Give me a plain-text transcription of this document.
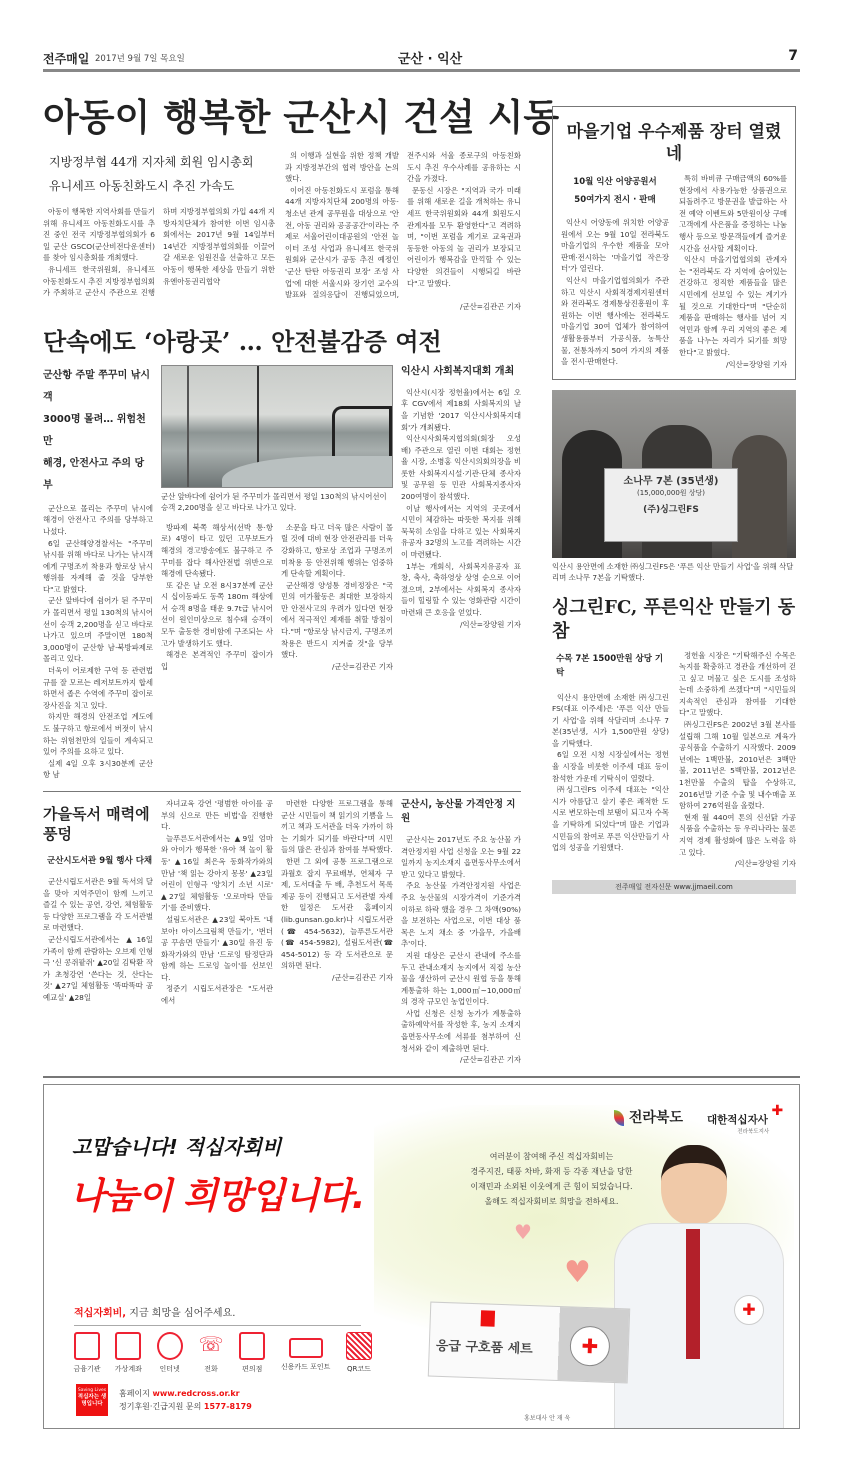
전주매일 2017년 9월 7일 목요일	군산 · 익산	7
아동이 행복한 군산시 건설 시동
지방정부협 44개 지자체 회원 임시총회
유니세프 아동친화도시 추진 가속도

아동이 행복한 지역사회를 만들기 위해 유니세프 아동친화도시를 추진 중인 전국 지방정부협의회가 6일 군산 GSCO(군산비전다운센터)를 찾아 임시총회를 개최했다.

유니세프 한국위원회, 유니세프 아동친화도시 추진 지방정부협의회가 주최하고 군산시 주관으로 진행하며 지방정부협의회 가입 44개 지방자치단체가 참여한 이번 임시총회에서는 2017년 9월 14일부터 14년간 지방정부협의회를 이끌어 갈 새로운 임원진을 선출하고 모든 아동이 행복한 세상을 만들기 위한 유엔아동권리협약

의 이행과 실현을 위한 정책 개발과 지방정부간의 협력 방안을 논의했다.

이어진 아동친화도시 포럼을 통해 44개 지방자치단체 200명의 아동·청소년 관계 공무원을 대상으로 '안전, 아동 권리와 공공공간'이라는 주제로 서울어린이대공원의 '안전 놀이터 조성 사업과 유니세프 한국위원회와 군산시가 공동 추진 예정인 '군산 탄탄 아동권리 보장' 조성 사업'에 대한 서울시와 장기언 교수의 발표와 질의응답이 진행되었으며, 전주시와 서울 종로구의 아동친화도시 추진 우수사례를 공유하는 시간을 가졌다.

문동신 시장은 "지역과 국가 미래를 위해 새로운 길을 개척하는 유니세프 한국위원회와 44개 회원도시 관계자를 모두 환영한다"고 격려하며, "이번 포럼을 계기로 교육권과 동등한 아동의 놀 권리가 보장되고 어린이가 행복감을 만끽할 수 있는 다양한 의견들이 시행되길 바란다"고 말했다.

/군산=김관곤 기자
단속에도 ‘아랑곳’ … 안전불감증 여전
군산항 주말 쭈꾸미 낚시객
3000명 몰려… 위험천만
해경, 안전사고 주의 당부

군산으로 몰리는 주꾸미 낚시에 해경이 안전사고 주의를 당부하고 나섰다.

6일 군산해양경찰서는 "주꾸미 낚시를 위해 바다로 나가는 낚시객에게 구명조끼 착용과 항로상 낚시행위를 자제해 줄 것을 당부한다"고 밝혔다.

군산 앞바다에 쉼어가 된 주꾸미가 몰리면서 평일 130척의 낚시어선이 승객 2,200명을 싣고 바다로 나가고 있으며 주말이면 180척 3,000명이 군산항 남·북방파제로 몰리고 있다.

더욱이 어로제한 구역 등 관련법규를 잘 모르는 레저보트까지 합세하면서 좁은 수역에 주꾸미 잡이로 장사진을 치고 있다.

하지만 해경의 안전조업 계도에도 불구하고 항로에서 버젓이 낚시하는 위험천만의 일들이 계속되고 있어 주의를 요하고 있다.

실제 4일 오후 3시30분께 군산항 남

군산 앞바다에 쉼어가 된 주꾸미가 몰리면서 평일 130척의 낚시어선이 승객 2,200명을 싣고 바다로 나가고 있다.

방파제 북쪽 해상서(선박 통·항로) 4명이 타고 있던 고무보트가 해경의 경고방송에도 불구하고 주꾸미를 잡다 해사안전법 위반으로 해경에 단속됐다.

또 같은 날 오전 8시37분께 군산시 십이동파도 동쪽 180m 해상에서 승객 8명을 태운 9.7t급 낚시어선이 원인미상으로 침수돼 승객이 모두 출동한 경비함에 구조되는 사고가 발생하기도 했다.

해경은 본격적인 주꾸미 잡이가 입

소문을 타고 더욱 많은 사람이 몰릴 것에 대비 현장 안전관리를 더욱 강화하고, 항로상 조업과 구명조끼 미착용 등 안전위해 행위는 엄중하게 단속할 계획이다.

군산해경 양성통 경비정장은 "국민의 여가활동은 최대한 보장하지만 안전사고의 우려가 있다면 현장에서 적극적인 제재를 취할 방침이다."며 "항로상 낚시금지, 구명조끼 착용은 반드시 지켜줄 것"을 당부했다.

/군산=김관곤 기자
익산시 사회복지대회 개최

익산시(시장 정헌율)에서는 6일 오후 CGV에서 제18회 사회복지의 날을 기념한 '2017 익산시사회복지대회'가 개최됐다.

익산시사회복지협의회(회장 오성배) 주관으로 열린 이번 대회는 정헌율 시장, 소병홍 익산시의회의장을 비롯한 사회복지시설·기관·단체 종사자 및 공무원 등 민관 사회복지종사자 200여명이 참석했다.

이날 행사에서는 지역의 곳곳에서 시민이 체감하는 따뜻한 복지를 위해 묵묵히 소임을 다하고 있는 사회복지 유공자 32명의 노고를 격려하는 시간이 마련됐다.

1부는 개회식, 사회복지유공자 표창, 축사, 축하영상 상영 순으로 이어졌으며, 2부에서는 사회복지 종사자들이 힐링할 수 있는 영화관람 시간이 마련돼 큰 호응을 얻었다.

/익산=장양원 기자
가을독서 매력에 풍덩
군산시도서관 9월 행사 다채

군산시립도서관은 9월 독서의 달을 맞아 지역주민이 함께 느끼고 즐길 수 있는 공연, 강연, 체험활동 등 다양한 프로그램을 각 도서관별로 마련했다.

군산시립도서관에서는 ▲16일 가족이 함께 관람하는 오브제 인형극 '신 콩쥐팥쥐' ▲20일 김탁환 작가 초청강연 '쓴다는 것, 산다는 것' ▲27일 체험활동 '똑따똑따 공예교실' ▲28일

자녀교육 강연 '평범한 아이를 공부의 신으로 만든 비법'을 진행한다.

늘푸른도서관에서는 ▲9일 엄마와 아이가 행복한 '유아 책 놀이 활동' ▲16일 최은옥 동화작가와의 만남 '책 읽는 강아지 몽몽' ▲23일 어린이 인형극 '양치기 소년 시로' ▲27일 체험활동 '오로마타 만들기'를 준비했다.

설림도서관은 ▲23일 북아트 '내보아! 아이스크림책 만들기', '번더공 꾸솜면 만들기' ▲30일 유진 동화작가와의 만남 '드로잉 탐정단과 함께 하는 드로잉 놀이'를 선보인다.

정준기 시립도서관장은 "도서관에서

마련한 다양한 프로그램을 통해 군산 시민들이 책 읽기의 기쁨을 느끼고 책과 도서관을 더욱 가까이 하는 기회가 되기를 바란다"며 시민들의 많은 관심과 참여를 부탁했다.

한편 그 외에 공통 프로그램으로 과월호 잡지 무료배부, 연체자 구제, 도서대출 두 배, 추천도서 목록 제공 등이 진행되고 도서관별 자세한 일정은 도서관 홈페이지(lib.gunsan.go.kr)나 시립도서관(☎ 454-5632), 늘푸른도서관(☎ 454-5982), 설림도서관(☎ 454-5012) 등 각 도서관으로 문의하면 된다.

/군산=김관곤 기자
군산시, 농산물 가격안정 지원

군산시는 2017년도 주요 농산물 가격안정지원 사업 신청을 오는 9월 22일까지 농지소재지 읍면동사무소에서 받고 있다고 밝혔다.

주요 농산물 가격안정지원 사업은 주요 농산물의 시장가격이 기준가격 이하로 하락 했을 경우 그 차액(90%)을 보전하는 사업으로, 이번 대상 품목은 노지 채소 중 '가을무, 가을배추'이다.

지원 대상은 군산시 관내에 주소를 두고 관내소재지 농지에서 직접 농산물을 생산하여 군산시 원협 등을 통해 계통출하 하는 1,000㎡~10,000㎡의 경작 규모인 농업인이다.

사업 신청은 신청 농가가 계통출하 출하예약서를 작성한 후, 농지 소재지 읍면동사무소에 서류를 첨부하여 신청서와 같이 제출하면 된다.

/군산=김관곤 기자
마을기업 우수제품 장터 열렸네
10월 익산 어양공원서
50여가지 전시 · 판매

익산시 어양동에 위치한 어양공원에서 오는 9월 10일 전라북도 마을기업의 우수한 제품을 모아 판매·전시하는 '마을기업 작은장터'가 열린다.

익산시 마을기업협의회가 주관하고 익산시 사회적경제지원센터와 전라북도 경제통상진흥원이 후원하는 이번 행사에는 전라북도 마을기업 30여 업체가 참여하여 생활용품부터 가공식품, 농특산물, 전통차까지 50여 가지의 제품을 전시·판매한다.

특히 바비큐 구매금액의 60%를 현장에서 사용가능한 상품권으로 되돌려주고 방문권을 발급하는 사전 예약 이벤트와 5만원이상 구매고객에게 사은품을 증정하는 나눔행사 등으로 방문객들에게 즐거운 시간을 선사할 계획이다.

익산시 마을기업협의회 관계자는 "전라북도 각 지역에 숨어있는 건강하고 정직한 제품들을 많은 시민에게 선보일 수 있는 계기가 될 것으로 기대한다"며 "단순히 제품을 판매하는 행사를 넘어 지역민과 함께 우리 지역의 좋은 제품을 나누는 자리가 되기를 희망한다"고 밝혔다.

/익산=장양원 기자
소나무 7본 (35년생)
(15,000,000원 상당)
(주)싱그린FS
익산시 용안면에 소재한 ㈜싱그린FS은 '푸른 익산 만들기 사업'을 위해 삭달리며 소나무 7본을 기탁했다.
싱그린FC, 푸른익산 만들기 동참
수목 7본 1500만원 상당 기탁

익산시 용안면에 소재한 ㈜싱그린FS(대표 이주세)은 '푸른 익산 만들기 사업'을 위해 삭달리며 소나무 7본(35년생, 시가 1,500만원 상당)을 기탁했다.

6일 오전 시청 시장실에서는 정헌율 시장을 비롯한 이주세 대표 등이 참석한 가운데 기탁식이 열렸다.

㈜싱그린FS 이주세 대표는 "익산시가 아름답고 살기 좋은 쾌적한 도시로 변모하는데 보탬이 되고자 수목을 기탁하게 되었다"며 많은 기업과 시민들의 참여로 푸른 익산만들기 사업의 성공을 기원했다.

정헌율 시장은 "기탁해주신 수목은 녹지를 확충하고 경관을 개선하여 걷고 싶고 머물고 싶은 도시를 조성하는데 소중하게 쓰겠다"며 "시민들의 지속적인 관심과 참여를 기대한다"고 말했다.

㈜싱그린FS은 2002년 3월 본사를 설립해 그해 10월 일본으로 계육가공식품을 수출하기 시작했다. 2009년에는 1백만불, 2010년은 3백만불, 2011년은 5백만불, 2012년은 1천만불 수출의 탑을 수상하고, 2016년말 기준 수출 및 내수매출 포함하여 276억원을 올렸다.

현재 월 440여 톤의 신선닭 가공 식품을 수출하는 등 우리나라는 물론 지역 경제 활성화에 많은 노력을 하고 있다.

/익산=장양원 기자
전주매일 전자신문 www.jjmaeil.com
전라북도 대한적십자사 ✚
전라북도지사
고맙습니다! 적십자회비
나눔이 희망입니다.
여러분이 참여해 주신 적십자회비는
경주지진, 태풍 차바, 화재 등 각종 재난을 당한
이재민과 소외된 이웃에게 큰 힘이 되었습니다.
올해도 적십자회비로 희망을 전하세요.
♥
♥
✚
응급 구호품 세트	✚
홍보대사 안 재 욱
적십자회비, 지금 희망을 심어주세요.
금융기관	가상계좌	인터넷
☏
전화	편의점	신용카드 포인트	QR코드
Saving Lives
적십자는 생명입니다
홈페이지 www.redcross.or.kr
정기후원·긴급지원 문의 1577-8179
